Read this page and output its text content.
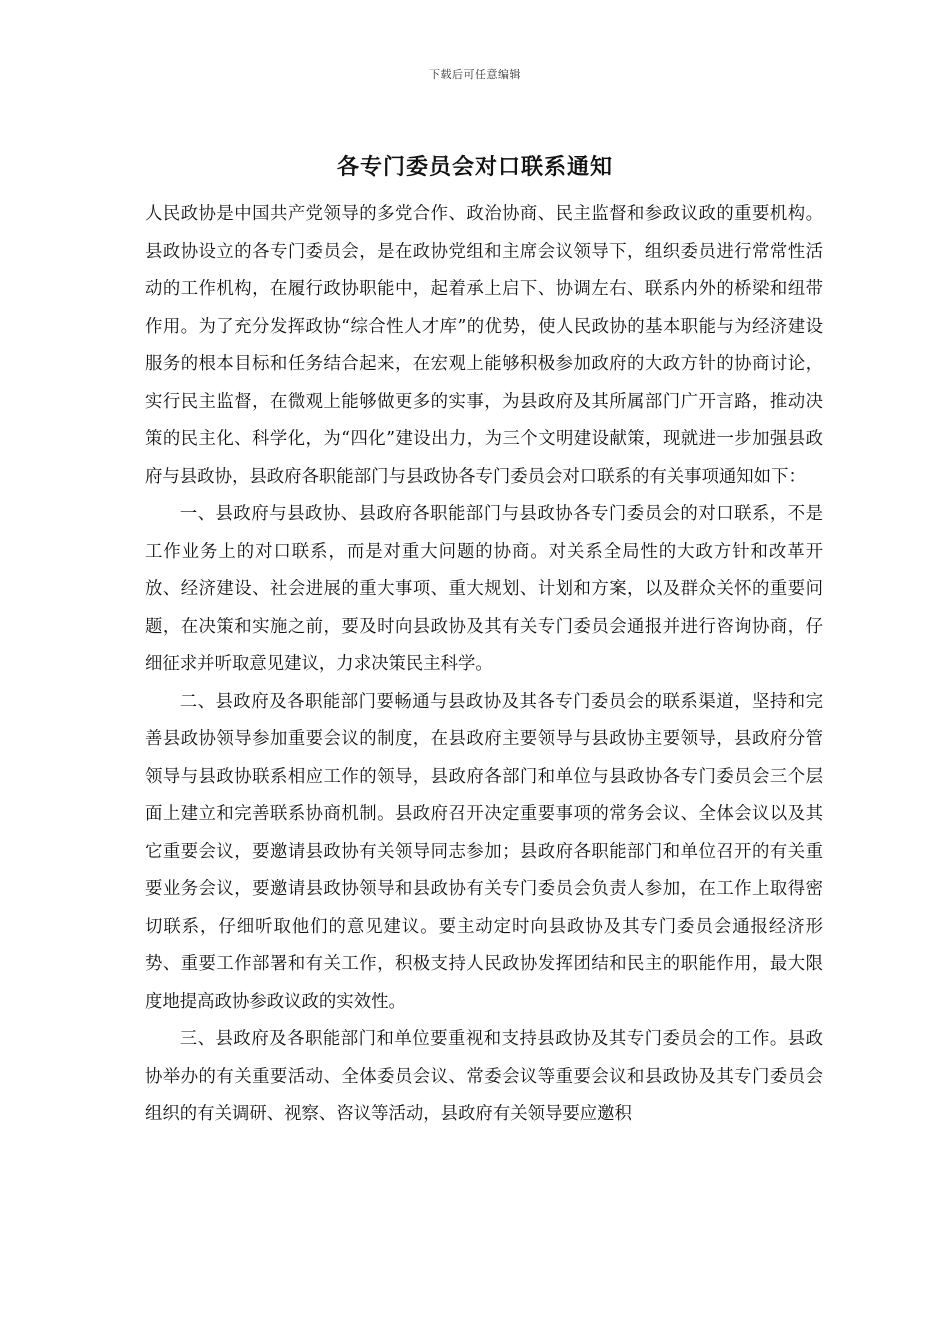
下载后可任意编辑
各专门委员会对口联系通知

人民政协是中国共产党领导的多党合作、政治协商、民主监督和参政议政的重要机构。县政协设立的各专门委员会，是在政协党组和主席会议领导下，组织委员进行常常性活动的工作机构，在履行政协职能中，起着承上启下、协调左右、联系内外的桥梁和纽带作用。为了充分发挥政协“综合性人才库”的优势，使人民政协的基本职能与为经济建设服务的根本目标和任务结合起来，在宏观上能够积极参加政府的大政方针的协商讨论，实行民主监督，在微观上能够做更多的实事，为县政府及其所属部门广开言路，推动决策的民主化、科学化，为“四化”建设出力，为三个文明建设献策，现就进一步加强县政府与县政协，县政府各职能部门与县政协各专门委员会对口联系的有关事项通知如下：

一、县政府与县政协、县政府各职能部门与县政协各专门委员会的对口联系，不是工作业务上的对口联系，而是对重大问题的协商。对关系全局性的大政方针和改革开放、经济建设、社会进展的重大事项、重大规划、计划和方案，以及群众关怀的重要问题，在决策和实施之前，要及时向县政协及其有关专门委员会通报并进行咨询协商，仔细征求并听取意见建议，力求决策民主科学。

二、县政府及各职能部门要畅通与县政协及其各专门委员会的联系渠道，坚持和完善县政协领导参加重要会议的制度，在县政府主要领导与县政协主要领导，县政府分管领导与县政协联系相应工作的领导，县政府各部门和单位与县政协各专门委员会三个层面上建立和完善联系协商机制。县政府召开决定重要事项的常务会议、全体会议以及其它重要会议，要邀请县政协有关领导同志参加；县政府各职能部门和单位召开的有关重要业务会议，要邀请县政协领导和县政协有关专门委员会负责人参加，在工作上取得密切联系，仔细听取他们的意见建议。要主动定时向县政协及其专门委员会通报经济形势、重要工作部署和有关工作，积极支持人民政协发挥团结和民主的职能作用，最大限度地提高政协参政议政的实效性。

三、县政府及各职能部门和单位要重视和支持县政协及其专门委员会的工作。县政协举办的有关重要活动、全体委员会议、常委会议等重要会议和县政协及其专门委员会组织的有关调研、视察、咨议等活动，县政府有关领导要应邀积
